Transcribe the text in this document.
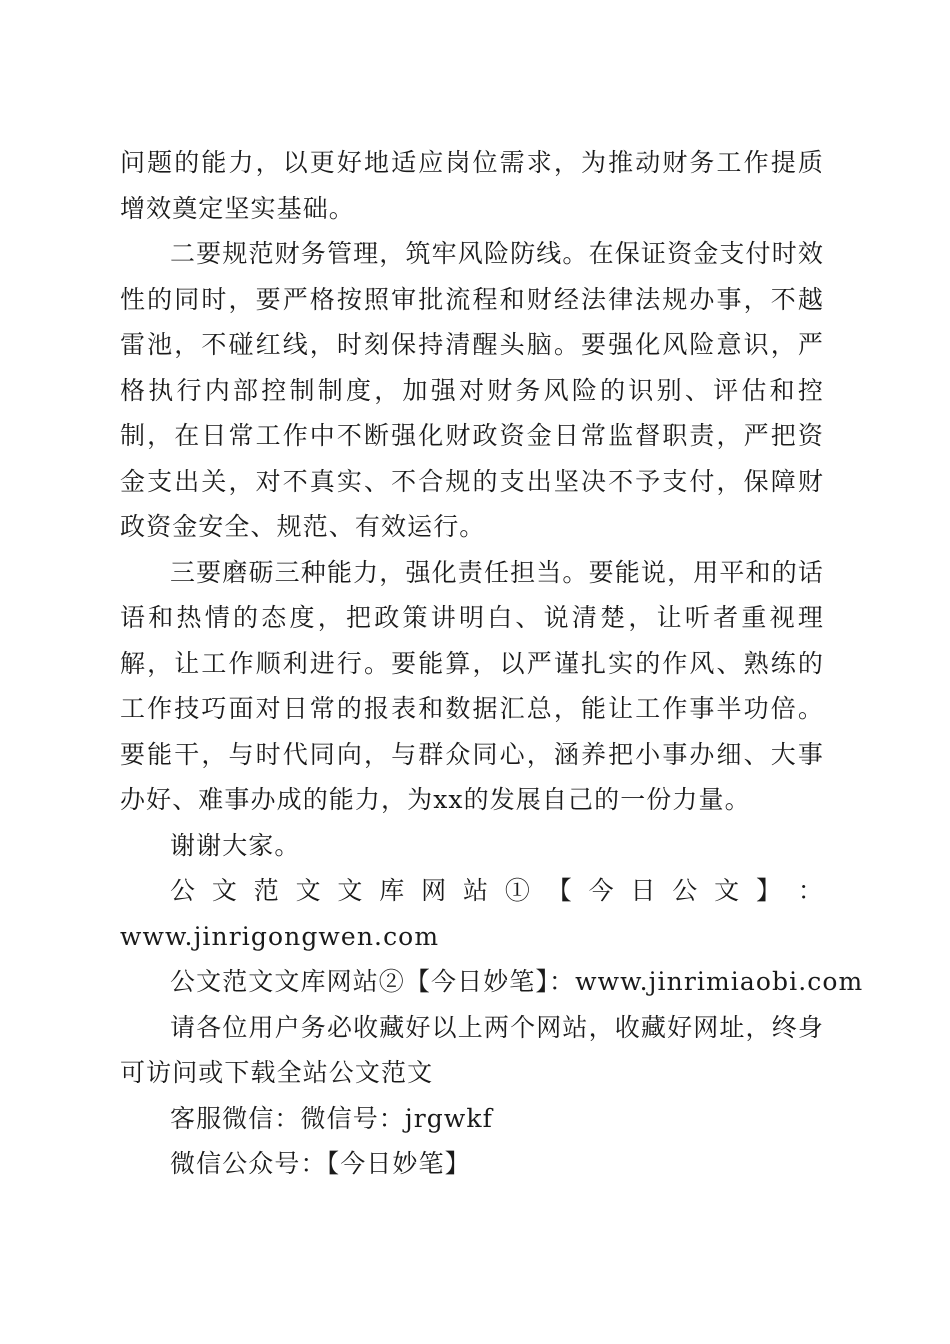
问题的能力，以更好地适应岗位需求，为推动财务工作提质增效奠定坚实基础。

二要规范财务管理，筑牢风险防线。在保证资金支付时效性的同时，要严格按照审批流程和财经法律法规办事，不越雷池，不碰红线，时刻保持清醒头脑。要强化风险意识，严格执行内部控制制度，加强对财务风险的识别、评估和控制，在日常工作中不断强化财政资金日常监督职责，严把资金支出关，对不真实、不合规的支出坚决不予支付，保障财政资金安全、规范、有效运行。

三要磨砺三种能力，强化责任担当。要能说，用平和的话语和热情的态度，把政策讲明白、说清楚，让听者重视理解，让工作顺利进行。要能算，以严谨扎实的作风、熟练的工作技巧面对日常的报表和数据汇总，能让工作事半功倍。要能干，与时代同向，与群众同心，涵养把小事办细、大事办好、难事办成的能力，为xx的发展自己的一份力量。

谢谢大家。

公 文 范 文 文 库 网 站 ① 【 今 日 公 文 】 ：

www.jinrigongwen.com

公文范文文库网站②【今日妙笔】：www.jinrimiaobi.com

请各位用户务必收藏好以上两个网站，收藏好网址，终身可访问或下载全站公文范文

客服微信：微信号：jrgwkf

微信公众号：【今日妙笔】
